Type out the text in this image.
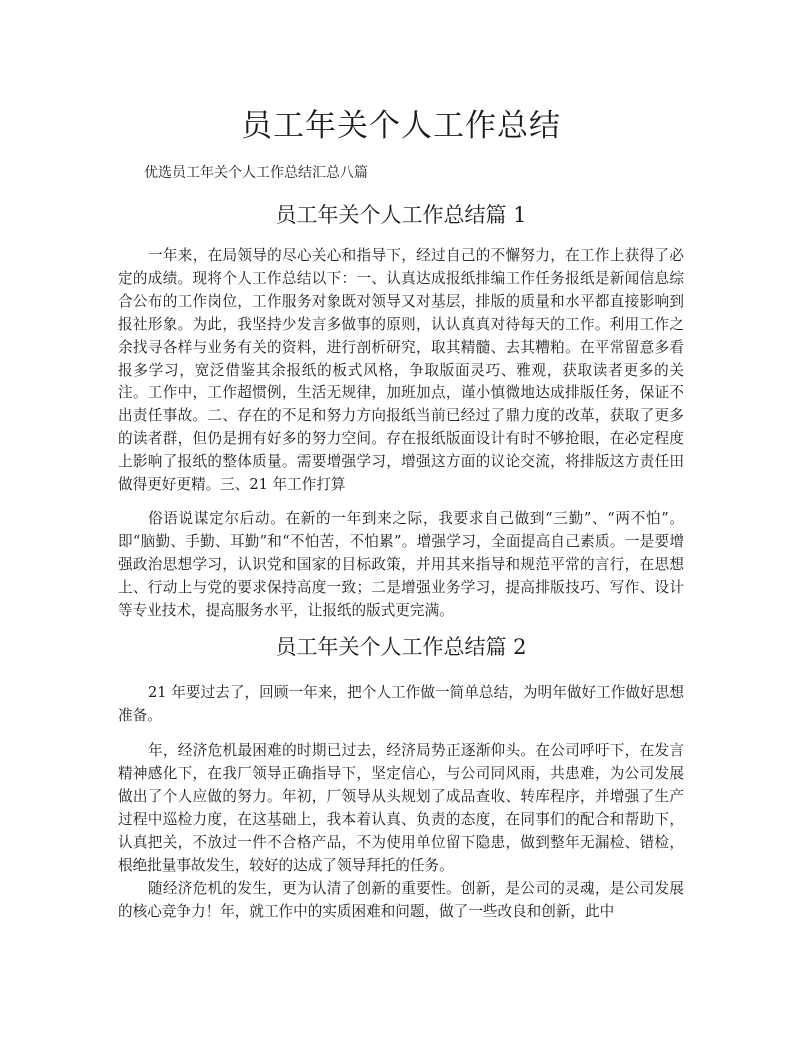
员工年关个人工作总结

优选员工年关个人工作总结汇总八篇

员工年关个人工作总结篇 1

一年来，在局领导的尽心关心和指导下，经过自己的不懈努力，在工作上获得了必定的成绩。现将个人工作总结以下：一、认真达成报纸排编工作任务报纸是新闻信息综合公布的工作岗位，工作服务对象既对领导又对基层，排版的质量和水平都直接影响到报社形象。为此，我坚持少发言多做事的原则，认认真真对待每天的工作。利用工作之余找寻各样与业务有关的资料，进行剖析研究，取其精髓、去其糟粕。在平常留意多看报多学习，宽泛借鉴其余报纸的板式风格，争取版面灵巧、雅观，获取读者更多的关注。工作中，工作超惯例，生活无规律，加班加点，谨小慎微地达成排版任务，保证不出责任事故。二、存在的不足和努力方向报纸当前已经过了鼎力度的改革，获取了更多的读者群，但仍是拥有好多的努力空间。存在报纸版面设计有时不够抢眼，在必定程度上影响了报纸的整体质量。需要增强学习，增强这方面的议论交流，将排版这方责任田做得更好更精。三、21 年工作打算

俗语说谋定尔后动。在新的一年到来之际，我要求自己做到“三勤”、“两不怕”。即“脑勤、手勤、耳勤”和“不怕苦，不怕累”。增强学习，全面提高自己素质。一是要增强政治思想学习，认识党和国家的目标政策，并用其来指导和规范平常的言行，在思想上、行动上与党的要求保持高度一致；二是增强业务学习，提高排版技巧、写作、设计等专业技术，提高服务水平，让报纸的版式更完满。

员工年关个人工作总结篇 2

21 年要过去了，回顾一年来，把个人工作做一简单总结，为明年做好工作做好思想准备。

年，经济危机最困难的时期已过去，经济局势正逐渐仰头。在公司呼吁下，在发言精神感化下，在我厂领导正确指导下，坚定信心，与公司同风雨，共患难，为公司发展做出了个人应做的努力。年初，厂领导从头规划了成品查收、转库程序，并增强了生产过程中巡检力度，在这基础上，我本着认真、负责的态度，在同事们的配合和帮助下，认真把关，不放过一件不合格产品，不为使用单位留下隐患，做到整年无漏检、错检，根绝批量事故发生，较好的达成了领导拜托的任务。

随经济危机的发生，更为认清了创新的重要性。创新，是公司的灵魂，是公司发展的核心竞争力！年，就工作中的实质困难和问题，做了一些改良和创新，此中
